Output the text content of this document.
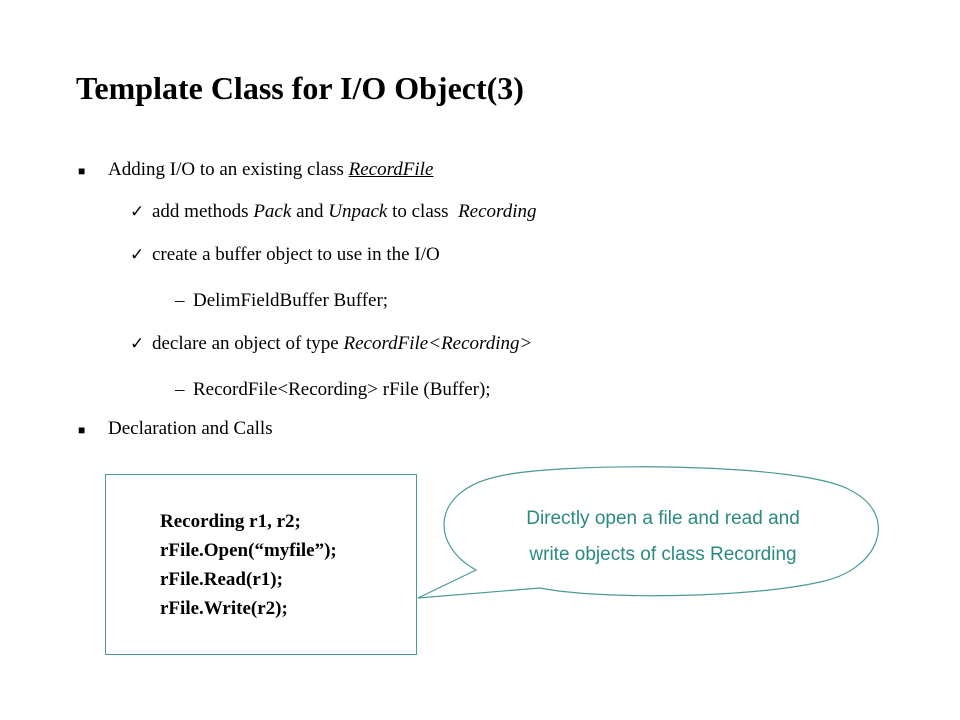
Template Class for I/O Object(3)
■ Adding I/O to an existing class RecordFile
✓ add methods Pack and Unpack to class  Recording
✓ create a buffer object to use in the I/O
– DelimFieldBuffer Buffer;
✓ declare an object of type RecordFile<Recording>
– RecordFile<Recording> rFile (Buffer);
■ Declaration and Calls
Recording r1, r2;
rFile.Open(“myfile”);
rFile.Read(r1);
rFile.Write(r2);
Directly open a file and read and
write objects of class Recording
